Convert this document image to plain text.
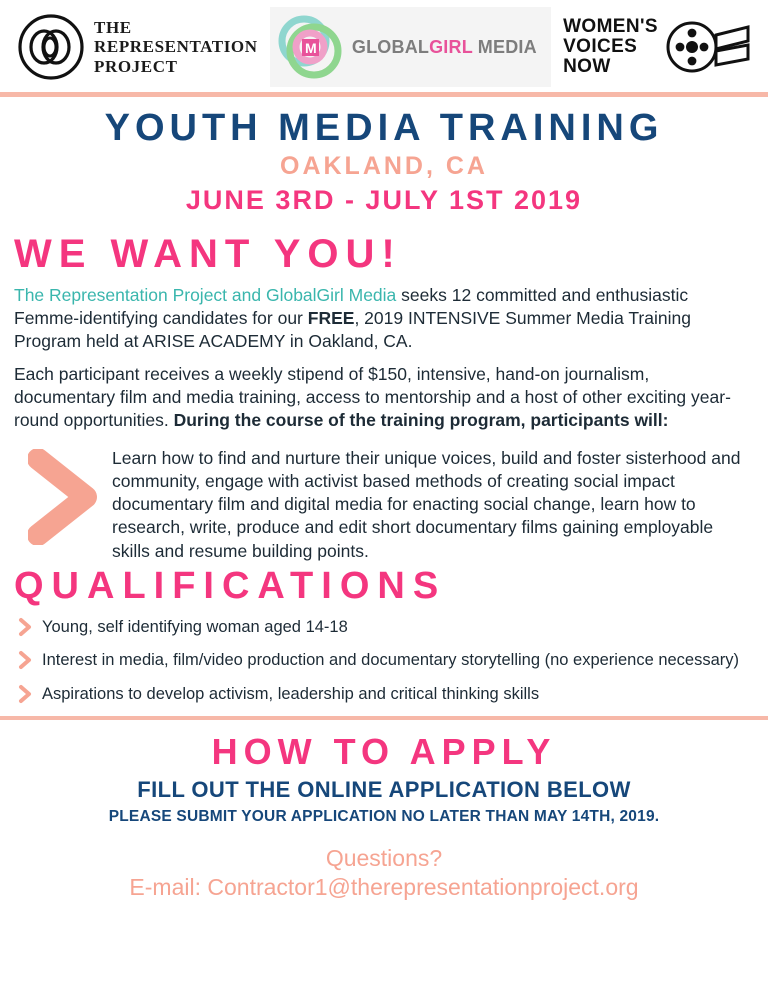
THE
REPRESENTATION
PROJECT
M GLOBALGIRL MEDIA
WOMEN'S
VOICES
NOW
YOUTH MEDIA TRAINING
OAKLAND, CA
JUNE 3RD - JULY 1ST 2019
WE WANT YOU!

The Representation Project and GlobalGirl Media seeks 12 committed and enthusiastic Femme-identifying candidates for our FREE, 2019 INTENSIVE Summer Media Training Program held at ARISE ACADEMY in Oakland, CA.

Each participant receives a weekly stipend of $150, intensive, hand-on journalism, documentary film and media training, access to mentorship and a host of other exciting year-round opportunities. During the course of the training program, participants will:

Learn how to find and nurture their unique voices, build and foster sisterhood and community, engage with activist based methods of creating social impact documentary film and digital media for enacting social change, learn how to research, write, produce and edit short documentary films gaining employable skills and resume building points.

QUALIFICATIONS
Young, self identifying woman aged 14-18
Interest in media, film/video production and documentary storytelling (no experience necessary)
Aspirations to develop activism, leadership and critical thinking skills
HOW TO APPLY
FILL OUT THE ONLINE APPLICATION BELOW
PLEASE SUBMIT YOUR APPLICATION NO LATER THAN MAY 14TH, 2019.
Questions?
E-mail: Contractor1@therepresentationproject.org
